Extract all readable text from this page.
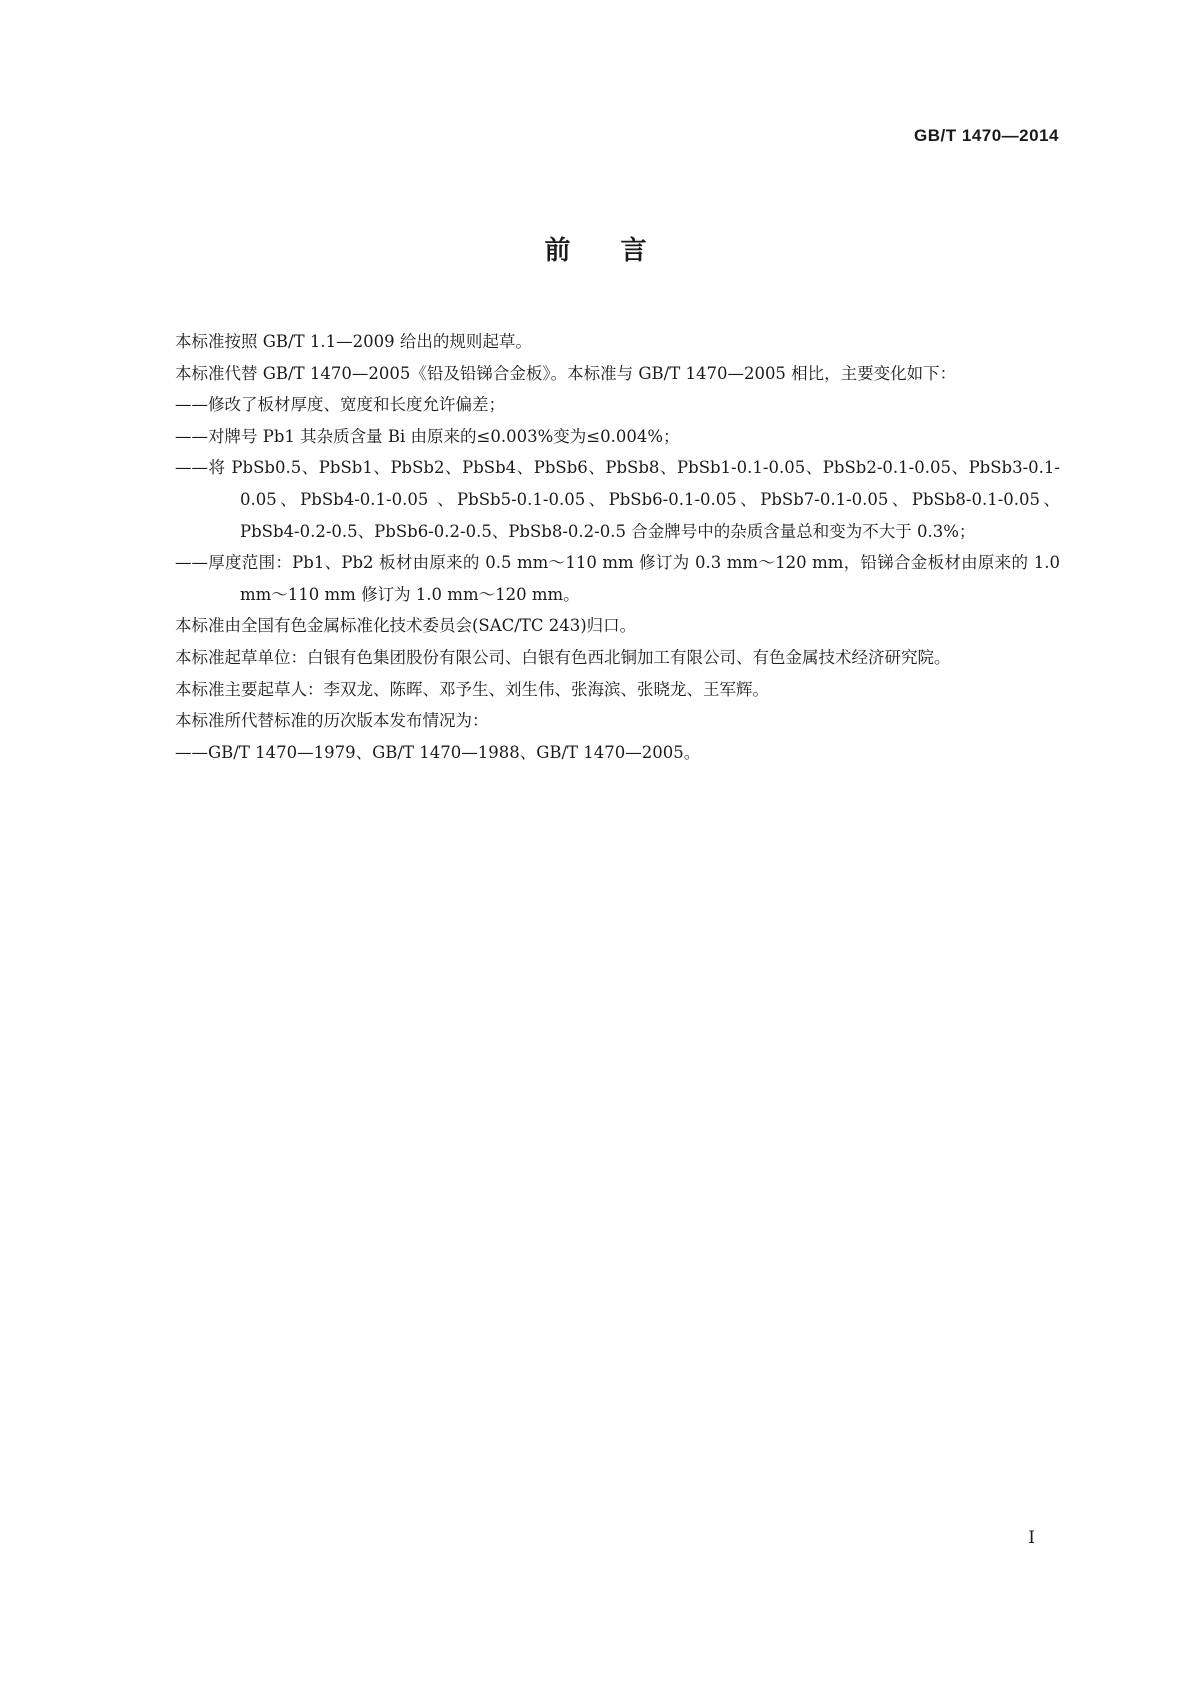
GB/T 1470—2014
前言

本标准按照 GB/T 1.1—2009 给出的规则起草。

本标准代替 GB/T 1470—2005《铅及铅锑合金板》。本标准与 GB/T 1470—2005 相比，主要变化如下：

——修改了板材厚度、宽度和长度允许偏差；

——对牌号 Pb1 其杂质含量 Bi 由原来的≤0.003%变为≤0.004%；

——将 PbSb0.5、PbSb1、PbSb2、PbSb4、PbSb6、PbSb8、PbSb1-0.1-0.05、PbSb2-0.1-0.05、PbSb3-0.1-0.05、PbSb4-0.1-0.05 、PbSb5-0.1-0.05、PbSb6-0.1-0.05、PbSb7-0.1-0.05、PbSb8-0.1-0.05、PbSb4-0.2-0.5、PbSb6-0.2-0.5、PbSb8-0.2-0.5 合金牌号中的杂质含量总和变为不大于 0.3%；

——厚度范围：Pb1、Pb2 板材由原来的 0.5 mm～110 mm 修订为 0.3 mm～120 mm，铅锑合金板材由原来的 1.0 mm～110 mm 修订为 1.0 mm～120 mm。

本标准由全国有色金属标准化技术委员会(SAC/TC 243)归口。

本标准起草单位：白银有色集团股份有限公司、白银有色西北铜加工有限公司、有色金属技术经济研究院。

本标准主要起草人：李双龙、陈晖、邓予生、刘生伟、张海滨、张晓龙、王军辉。

本标准所代替标准的历次版本发布情况为：

——GB/T 1470—1979、GB/T 1470—1988、GB/T 1470—2005。

I
